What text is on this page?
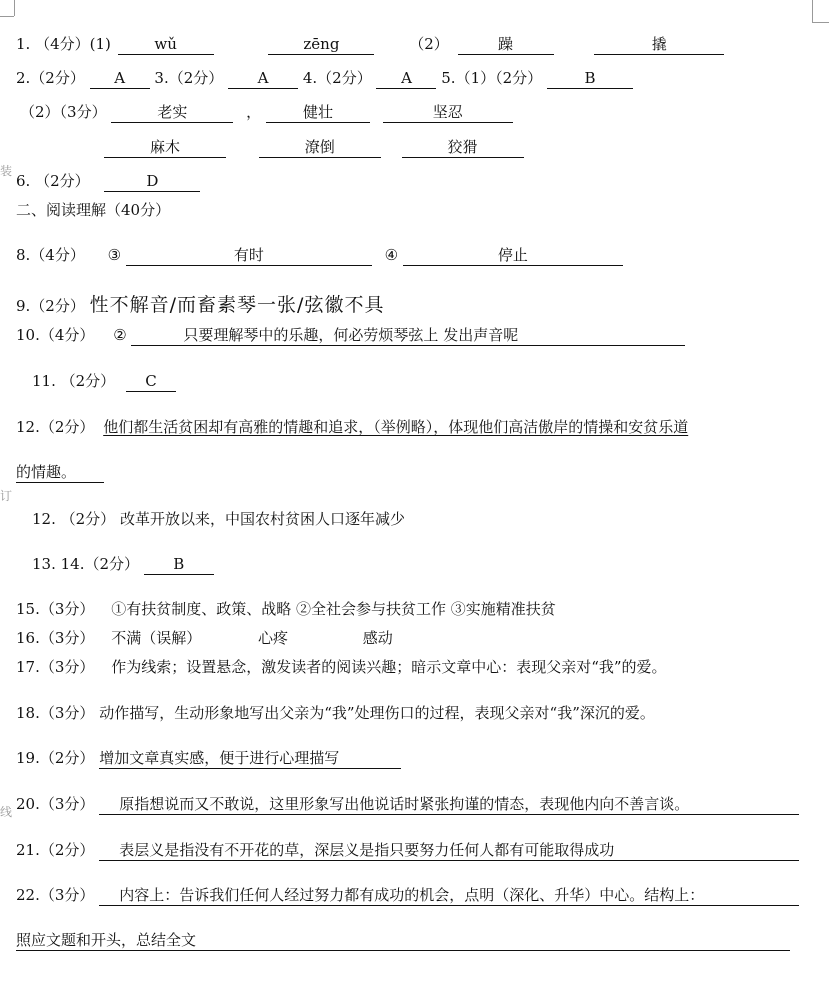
装
订
线
1. （4分）(1)	wǔ	zēng	（2）	躁	撬
2.（2分） A 3.（2分） A 4.（2分） A 5.（1）（2分）	B
（2）（3分）	老实	，	健壮	坚忍
麻木	潦倒	狡猾
6. （2分）	D
二、阅读理解（40分）
8.（4分） ③	有时	④	停止
9.（2分） 性不解音/而畜素琴一张/弦徽不具
10.（4分） ②	只要理解琴中的乐趣，何必劳烦琴弦上 发出声音呢
11. （2分） C
12.（2分） 他们都生活贫困却有高雅的情趣和追求，（举例略），体现他们高洁傲岸的情操和安贫乐道
的情趣。
12. （2分） 改革开放以来，中国农村贫困人口逐年减少
13. 14.（2分） B
15.（3分） ①有扶贫制度、政策、战略 ②全社会参与扶贫工作 ③实施精准扶贫
16.（3分） 不满（误解）	心疼	感动
17.（3分） 作为线索；设置悬念，激发读者的阅读兴趣；暗示文章中心：表现父亲对“我”的爱。
18.（3分） 动作描写，生动形象地写出父亲为“我”处理伤口的过程，表现父亲对“我”深沉的爱。
19.（2分） 增加文章真实感，便于进行心理描写
20.（3分） 原指想说而又不敢说，这里形象写出他说话时紧张拘谨的情态，表现他内向不善言谈。
21.（2分） 表层义是指没有不开花的草，深层义是指只要努力任何人都有可能取得成功
22.（3分） 内容上：告诉我们任何人经过努力都有成功的机会，点明（深化、升华）中心。结构上：
照应文题和开头，总结全文
